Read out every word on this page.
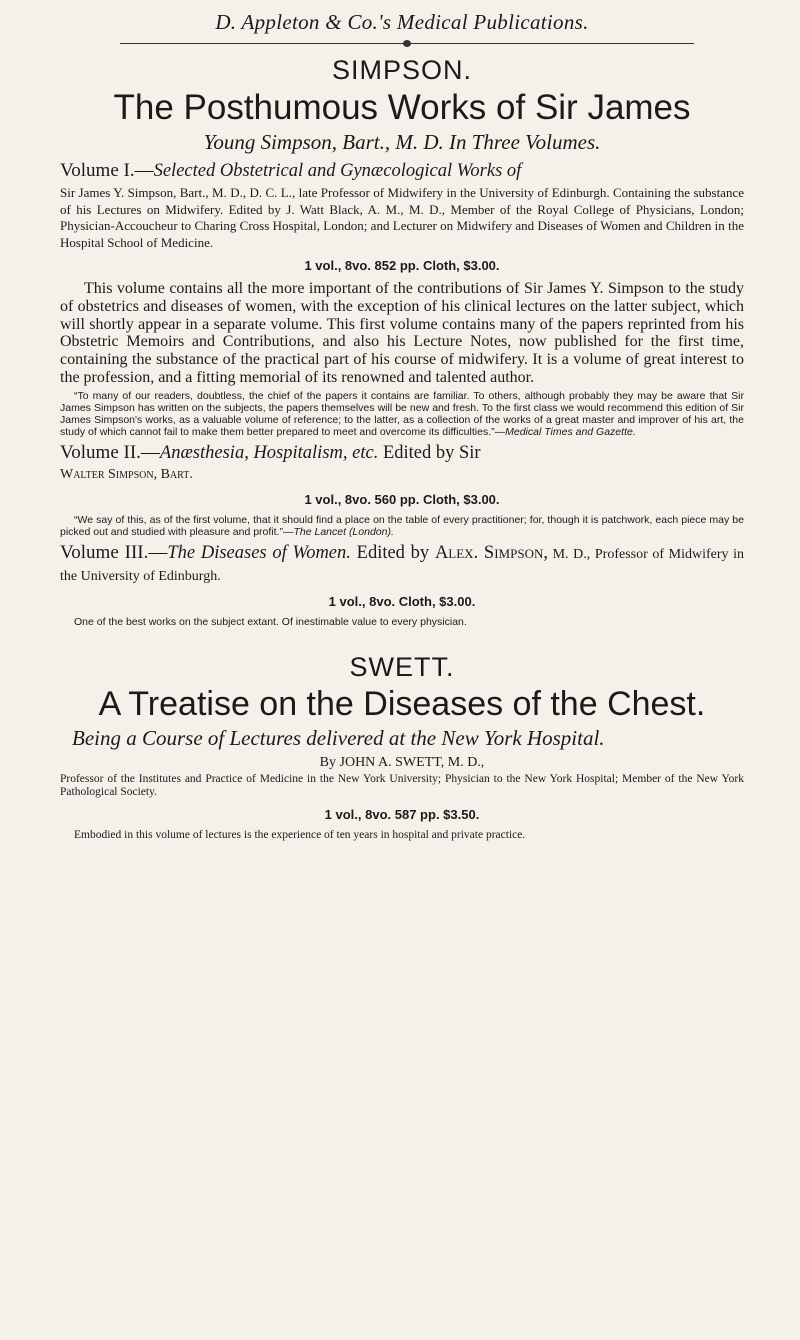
D. Appleton & Co.'s Medical Publications.
SIMPSON.
The Posthumous Works of Sir James
Young Simpson, Bart., M. D. In Three Volumes.
Volume I.—Selected Obstetrical and Gynæcological Works of
Sir James Y. Simpson, Bart., M. D., D. C. L., late Professor of Midwifery in the University of Edinburgh. Containing the substance of his Lectures on Midwifery. Edited by J. Watt Black, A. M., M. D., Member of the Royal College of Physicians, London; Physician-Accoucheur to Charing Cross Hospital, London; and Lecturer on Midwifery and Diseases of Women and Children in the Hospital School of Medicine.
1 vol., 8vo. 852 pp. Cloth, $3.00.
This volume contains all the more important of the contributions of Sir James Y. Simpson to the study of obstetrics and diseases of women, with the exception of his clinical lectures on the latter subject, which will shortly appear in a separate volume. This first volume contains many of the papers reprinted from his Obstetric Memoirs and Contributions, and also his Lecture Notes, now published for the first time, containing the substance of the practical part of his course of midwifery. It is a volume of great interest to the profession, and a fitting memorial of its renowned and talented author.
“To many of our readers, doubtless, the chief of the papers it contains are familiar. To others, although probably they may be aware that Sir James Simpson has written on the subjects, the papers themselves will be new and fresh. To the first class we would recommend this edition of Sir James Simpson's works, as a valuable volume of reference; to the latter, as a collection of the works of a great master and improver of his art, the study of which cannot fail to make them better prepared to meet and overcome its difficulties.”—Medical Times and Gazette.
Volume II.—Anæsthesia, Hospitalism, etc. Edited by Sir
Walter Simpson, Bart.
1 vol., 8vo. 560 pp. Cloth, $3.00.
“We say of this, as of the first volume, that it should find a place on the table of every practitioner; for, though it is patchwork, each piece may be picked out and studied with pleasure and profit.”—The Lancet (London).
Volume III.—The Diseases of Women. Edited by Alex. Simpson, M. D., Professor of Midwifery in the University of Edinburgh.
1 vol., 8vo. Cloth, $3.00.
One of the best works on the subject extant. Of inestimable value to every physician.
SWETT.
A Treatise on the Diseases of the Chest.
Being a Course of Lectures delivered at the New York Hospital.
By JOHN A. SWETT, M. D.,
Professor of the Institutes and Practice of Medicine in the New York University; Physician to the New York Hospital; Member of the New York Pathological Society.
1 vol., 8vo. 587 pp. $3.50.
Embodied in this volume of lectures is the experience of ten years in hospital and private practice.
